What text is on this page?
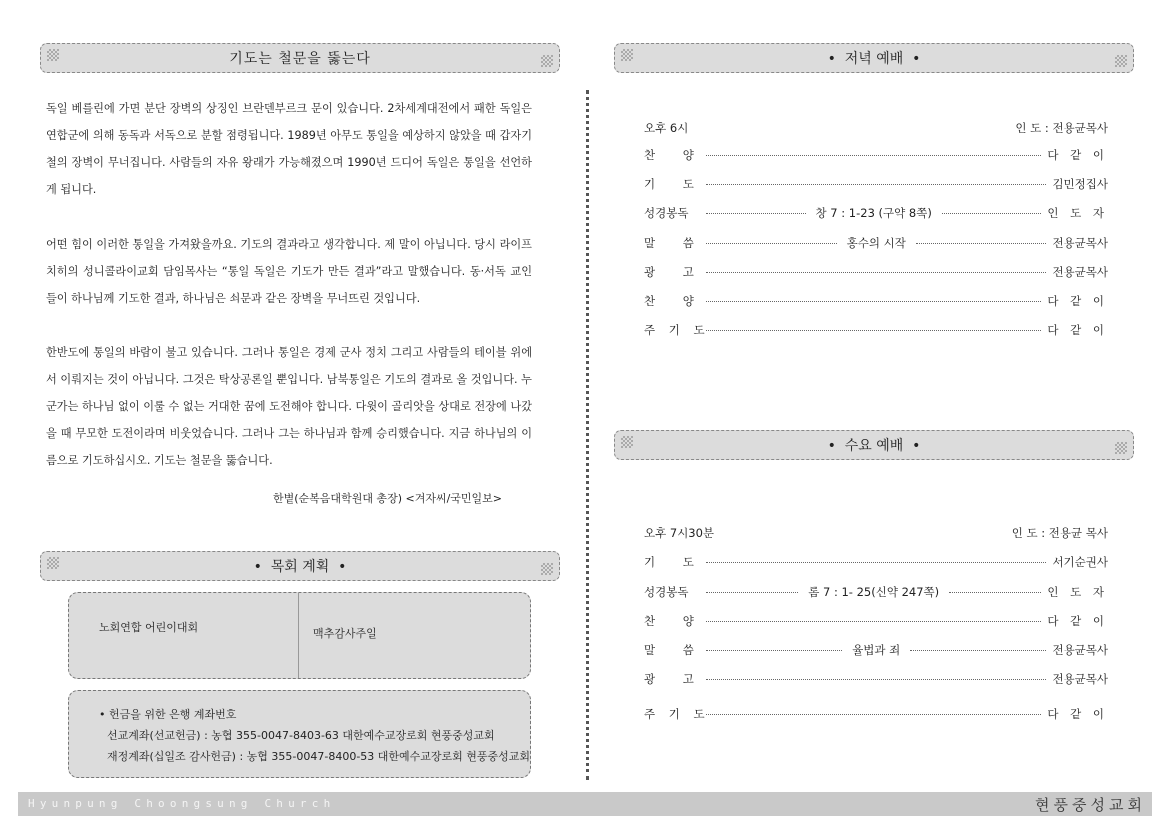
기도는 철문을 뚫는다

독일 베를린에 가면 분단 장벽의 상징인 브란덴부르크 문이 있습니다. 2차세계대전에서 패한 독일은 연합군에 의해 동독과 서독으로 분할 점령됩니다. 1989년 아무도 통일을 예상하지 않았을 때 갑자기 철의 장벽이 무너집니다. 사람들의 자유 왕래가 가능해졌으며 1990년 드디어 독일은 통일을 선언하게 됩니다.

어떤 힘이 이러한 통일을 가져왔을까요. 기도의 결과라고 생각합니다. 제 말이 아닙니다. 당시 라이프치히의 성니콜라이교회 담임목사는 “통일 독일은 기도가 만든 결과”라고 말했습니다. 동·서독 교인들이 하나님께 기도한 결과, 하나님은 쇠문과 같은 장벽을 무너뜨린 것입니다.

한반도에 통일의 바람이 불고 있습니다. 그러나 통일은 경제 군사 정치 그리고 사람들의 테이블 위에서 이뤄지는 것이 아닙니다. 그것은 탁상공론일 뿐입니다. 남북통일은 기도의 결과로 올 것입니다. 누군가는 하나님 없이 이룰 수 없는 거대한 꿈에 도전해야 합니다. 다윗이 골리앗을 상대로 전장에 나갔을 때 무모한 도전이라며 비웃었습니다. 그러나 그는 하나님과 함께 승리했습니다. 지금 하나님의 이름으로 기도하십시오. 기도는 철문을 뚫습니다.

한볕(순복음대학원대 총장) <겨자씨/국민일보>
•  목회 계획  •
노회연합 어린이대회	맥추감사주일
• 헌금을 위한 은행 계좌번호
선교계좌(선교헌금) : 농협 355-0047-8403-63 대한예수교장로회 현풍중성교회
재정계좌(십일조 감사헌금) : 농협 355-0047-8400-53 대한예수교장로회 현풍중성교회
•  저녁 예배  •
오후 6시	인 도 : 전용균목사
찬 양	다 같 이
기 도	김민정집사
성경봉독	창 7 : 1-23 (구약 8쪽)	인 도 자
말 씀	홍수의 시작	전용균목사
광 고	전용균목사
찬 양	다 같 이
주 기 도	다 같 이
•  수요 예배  •
오후 7시30분	인 도 : 전용균 목사
기 도	서기순권사
성경봉독	롬 7 : 1- 25(신약 247쪽)	인 도 자
찬 양	다 같 이
말 씀	율법과 죄	전용균목사
광 고	전용균목사
주 기 도	다 같 이
Hyunpung Choongsung Church	현풍중성교회
